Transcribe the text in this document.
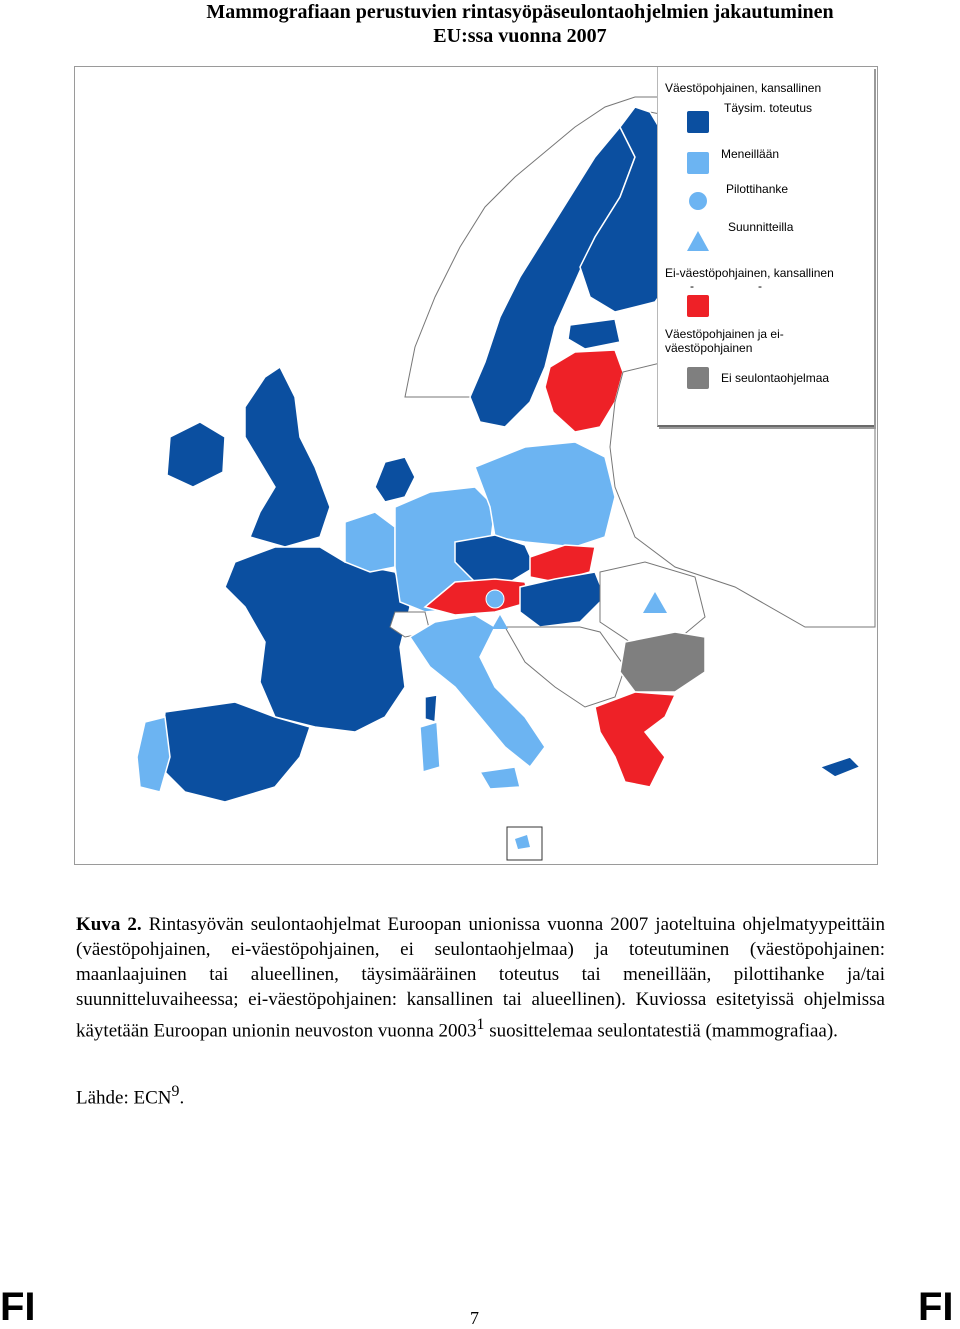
Mammografiaan perustuvien rintasyöpäseulontaohjelmien jakautuminen
EU:ssa vuonna 2007
Väestöpohjainen, kansallinen
Täysim. toteutus
Meneillään
Pilottihanke
Suunnitteilla
Ei-väestöpohjainen, kansallinen
-	-
Väestöpohjainen ja ei-
väestöpohjainen
Ei seulontaohjelmaa
Kuva 2. Rintasyövän seulontaohjelmat Euroopan unionissa vuonna 2007 jaoteltuina ohjelmatyypeittäin (väestöpohjainen, ei-väestöpohjainen, ei seulontaohjelmaa) ja toteutuminen (väestöpohjainen: maanlaajuinen tai alueellinen, täysimääräinen toteutus tai meneillään, pilottihanke ja/tai suunnitteluvaiheessa; ei-väestöpohjainen: kansallinen tai alueellinen). Kuviossa esitetyissä ohjelmissa käytetään Euroopan unionin neuvoston vuonna 2003$^1$ suosittelemaa seulontatestiä (mammografiaa).
Lähde: ECN$^9$.
FI	7	FI
